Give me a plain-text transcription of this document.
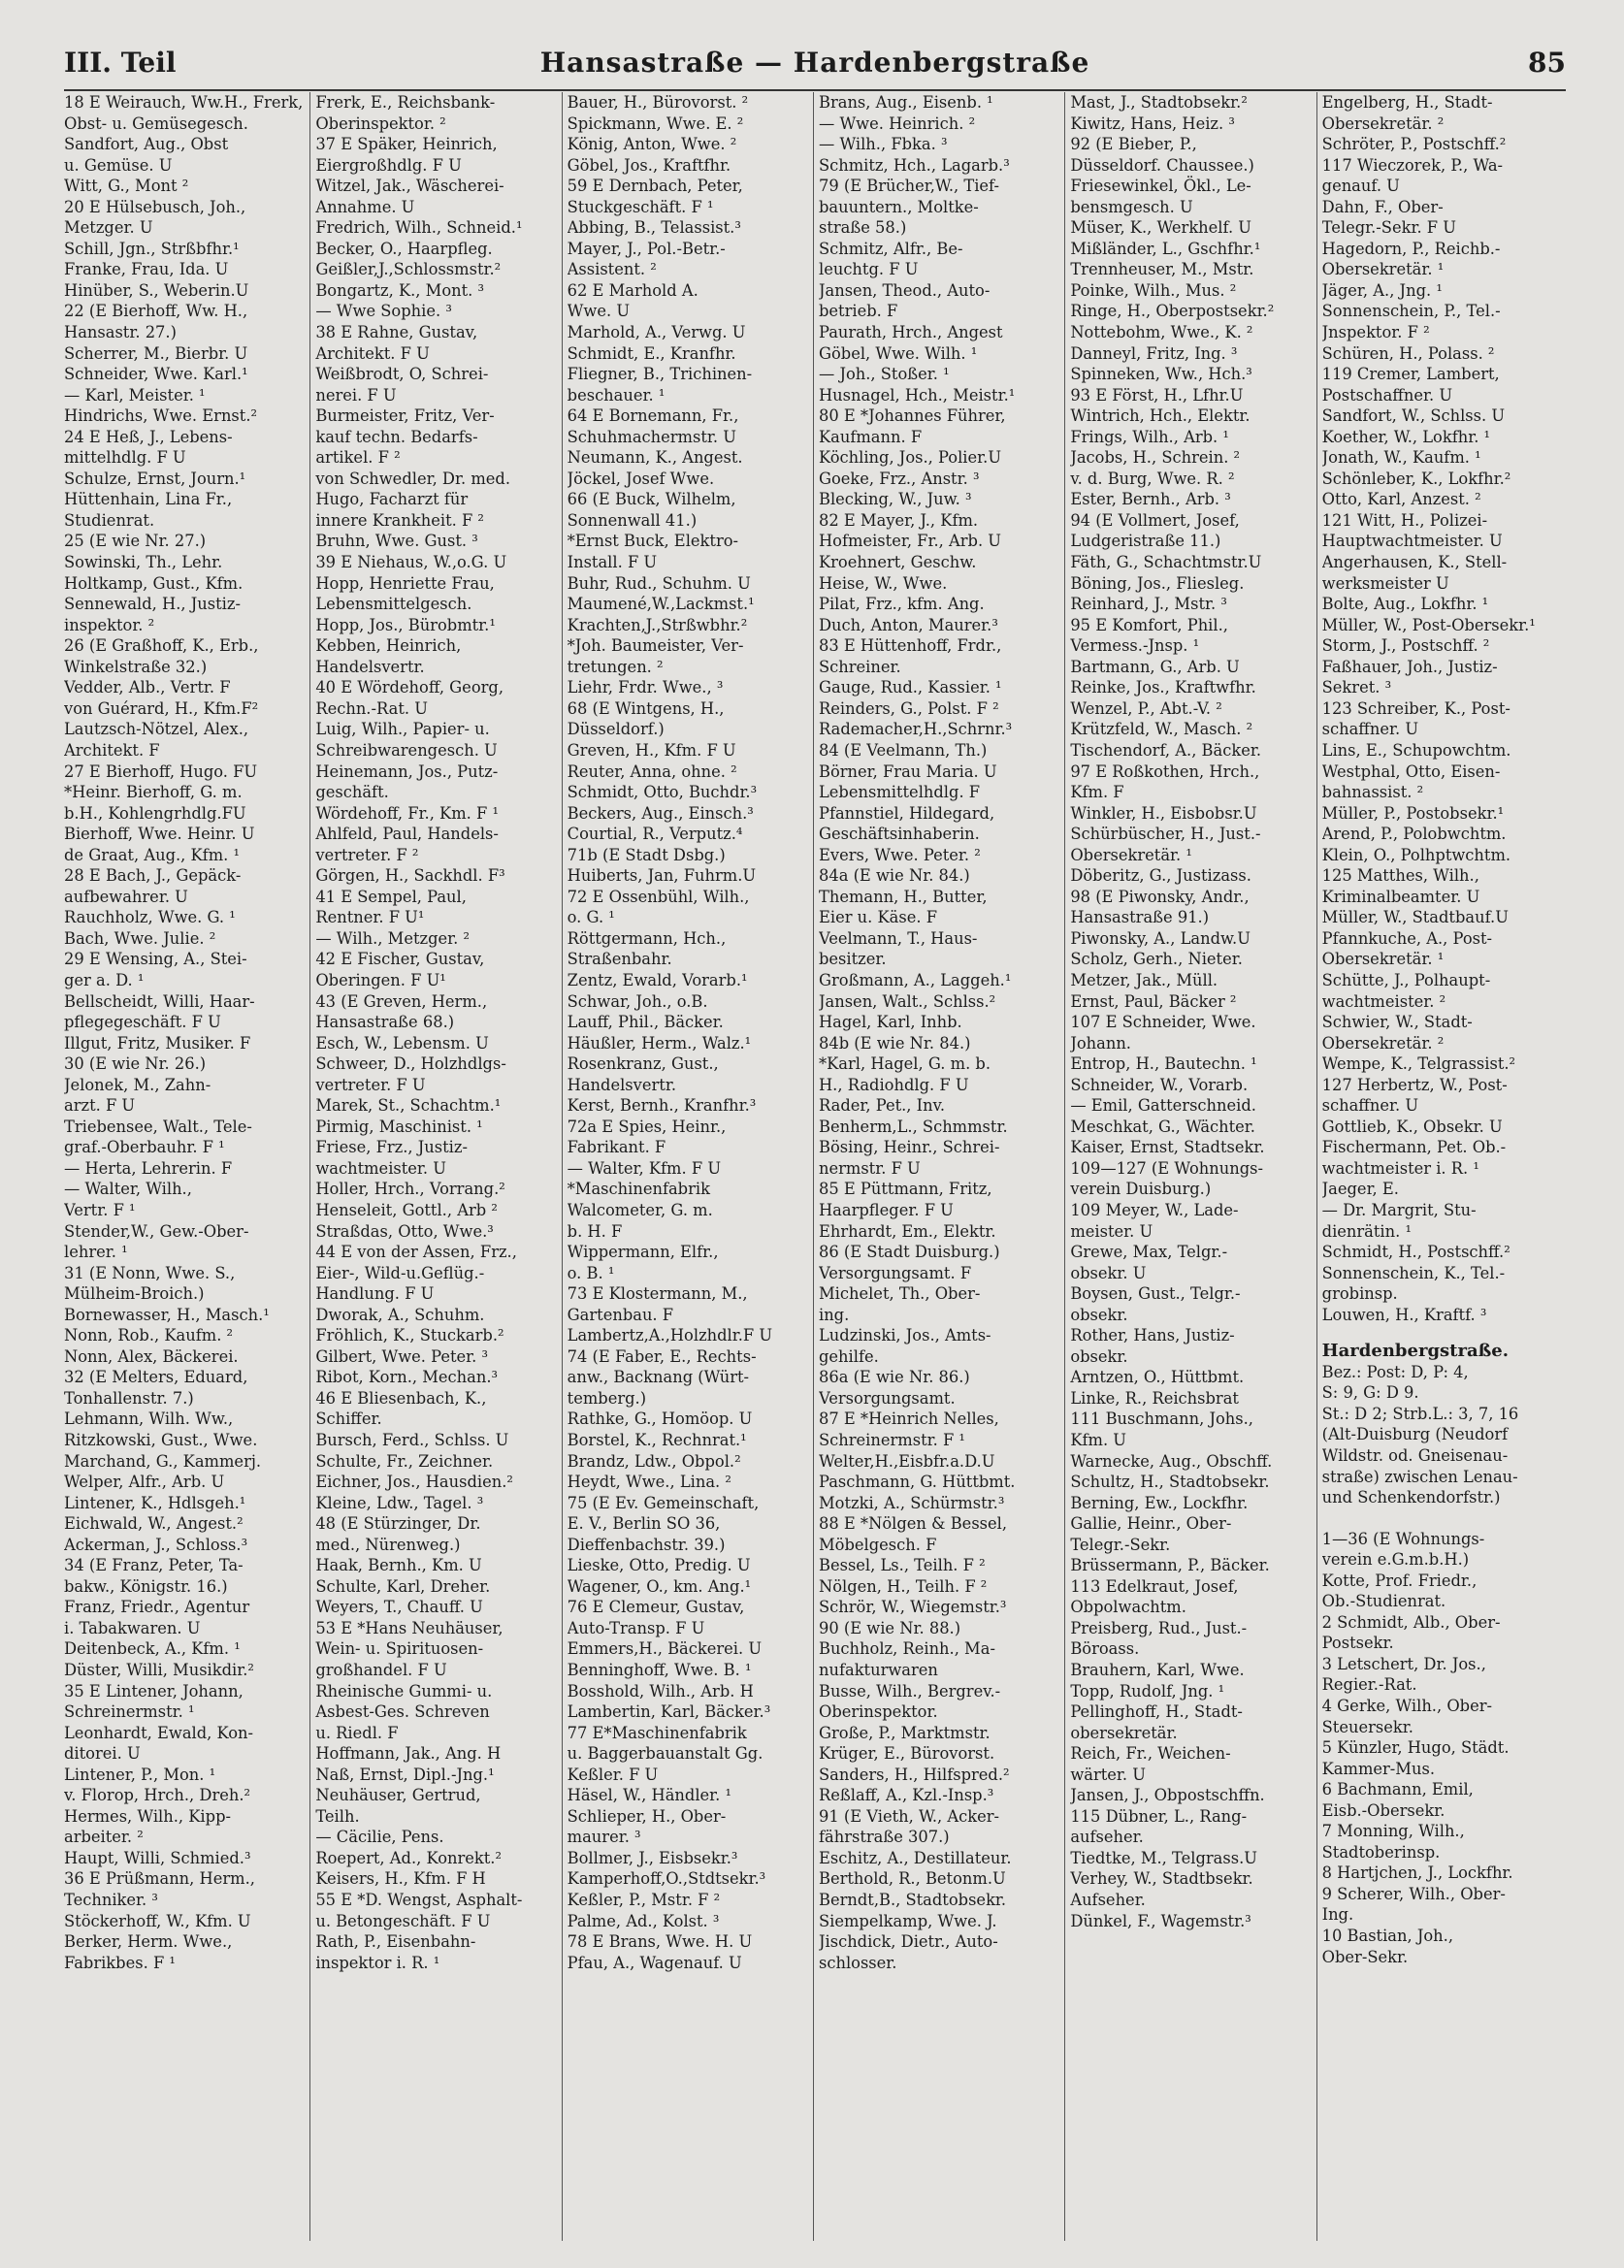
III. Teil	Hansastraße — Hardenbergstraße	85
18 E Weirauch, Ww.H., Frerk,
Obst- u. Gemüsegesch.
Sandfort, Aug., Obst
u. Gemüse. U
Witt, G., Mont ²
20 E Hülsebusch, Joh.,
Metzger. U
Schill, Jgn., Strßbfhr.¹
Franke, Frau, Ida. U
Hinüber, S., Weberin.U
22 (E Bierhoff, Ww. H.,
Hansastr. 27.)
Scherrer, M., Bierbr. U
Schneider, Wwe. Karl.¹
— Karl, Meister. ¹
Hindrichs, Wwe. Ernst.²
24 E Heß, J., Lebens-
mittelhdlg. F U
Schulze, Ernst, Journ.¹
Hüttenhain, Lina Fr.,
Studienrat.
25 (E wie Nr. 27.)
Sowinski, Th., Lehr.
Holtkamp, Gust., Kfm.
Sennewald, H., Justiz-
inspektor. ²
26 (E Graßhoff, K., Erb.,
Winkelstraße 32.)
Vedder, Alb., Vertr. F
von Guérard, H., Kfm.F²
Lautzsch-Nötzel, Alex.,
Architekt. F
27 E Bierhoff, Hugo. FU
*Heinr. Bierhoff, G. m.
b.H., Kohlengrhdlg.FU
Bierhoff, Wwe. Heinr. U
de Graat, Aug., Kfm. ¹
28 E Bach, J., Gepäck-
aufbewahrer. U
Rauchholz, Wwe. G. ¹
Bach, Wwe. Julie. ²
29 E Wensing, A., Stei-
ger a. D. ¹
Bellscheidt, Willi, Haar-
pflegegeschäft. F U
Illgut, Fritz, Musiker. F
30 (E wie Nr. 26.)
Jelonek, M., Zahn-
arzt. F U
Triebensee, Walt., Tele-
graf.-Oberbauhr. F ¹
— Herta, Lehrerin. F
— Walter, Wilh.,
Vertr. F ¹
Stender,W., Gew.-Ober-
lehrer. ¹
31 (E Nonn, Wwe. S.,
Mülheim-Broich.)
Bornewasser, H., Masch.¹
Nonn, Rob., Kaufm. ²
Nonn, Alex, Bäckerei.
32 (E Melters, Eduard,
Tonhallenstr. 7.)
Lehmann, Wilh. Ww.,
Ritzkowski, Gust., Wwe.
Marchand, G., Kammerj.
Welper, Alfr., Arb. U
Lintener, K., Hdlsgeh.¹
Eichwald, W., Angest.²
Ackerman, J., Schloss.³
34 (E Franz, Peter, Ta-
bakw., Königstr. 16.)
Franz, Friedr., Agentur
i. Tabakwaren. U
Deitenbeck, A., Kfm. ¹
Düster, Willi, Musikdir.²
35 E Lintener, Johann,
Schreinermstr. ¹
Leonhardt, Ewald, Kon-
ditorei. U
Lintener, P., Mon. ¹
v. Florop, Hrch., Dreh.²
Hermes, Wilh., Kipp-
arbeiter. ²
Haupt, Willi, Schmied.³
36 E Prüßmann, Herm.,
Techniker. ³
Stöckerhoff, W., Kfm. U
Berker, Herm. Wwe.,
Fabrikbes. F ¹
Frerk, E., Reichsbank-
Oberinspektor. ²
37 E Späker, Heinrich,
Eiergroßhdlg. F U
Witzel, Jak., Wäscherei-
Annahme. U
Fredrich, Wilh., Schneid.¹
Becker, O., Haarpfleg.
Geißler,J.,Schlossmstr.²
Bongartz, K., Mont. ³
— Wwe Sophie. ³
38 E Rahne, Gustav,
Architekt. F U
Weißbrodt, O, Schrei-
nerei. F U
Burmeister, Fritz, Ver-
kauf techn. Bedarfs-
artikel. F ²
von Schwedler, Dr. med.
Hugo, Facharzt für
innere Krankheit. F ²
Bruhn, Wwe. Gust. ³
39 E Niehaus, W.,o.G. U
Hopp, Henriette Frau,
Lebensmittelgesch.
Hopp, Jos., Bürobmtr.¹
Kebben, Heinrich,
Handelsvertr.
40 E Wördehoff, Georg,
Rechn.-Rat. U
Luig, Wilh., Papier- u.
Schreibwarengesch. U
Heinemann, Jos., Putz-
geschäft.
Wördehoff, Fr., Km. F ¹
Ahlfeld, Paul, Handels-
vertreter. F ²
Görgen, H., Sackhdl. F³
41 E Sempel, Paul,
Rentner. F U¹
— Wilh., Metzger. ²
42 E Fischer, Gustav,
Oberingen. F U¹
43 (E Greven, Herm.,
Hansastraße 68.)
Esch, W., Lebensm. U
Schweer, D., Holzhdlgs-
vertreter. F U
Marek, St., Schachtm.¹
Pirmig, Maschinist. ¹
Friese, Frz., Justiz-
wachtmeister. U
Holler, Hrch., Vorrang.²
Henseleit, Gottl., Arb ²
Straßdas, Otto, Wwe.³
44 E von der Assen, Frz.,
Eier-, Wild-u.Geflüg.-
Handlung. F U
Dworak, A., Schuhm.
Fröhlich, K., Stuckarb.²
Gilbert, Wwe. Peter. ³
Ribot, Korn., Mechan.³
46 E Bliesenbach, K.,
Schiffer.
Bursch, Ferd., Schlss. U
Schulte, Fr., Zeichner.
Eichner, Jos., Hausdien.²
Kleine, Ldw., Tagel. ³
48 (E Stürzinger, Dr.
med., Nürenweg.)
Haak, Bernh., Km. U
Schulte, Karl, Dreher.
Weyers, T., Chauff. U
53 E *Hans Neuhäuser,
Wein- u. Spirituosen-
großhandel. F U
Rheinische Gummi- u.
Asbest-Ges. Schreven
u. Riedl. F
Hoffmann, Jak., Ang. H
Naß, Ernst, Dipl.-Jng.¹
Neuhäuser, Gertrud,
Teilh.
— Cäcilie, Pens.
Roepert, Ad., Konrekt.²
Keisers, H., Kfm. F H
55 E *D. Wengst, Asphalt-
u. Betongeschäft. F U
Rath, P., Eisenbahn-
inspektor i. R. ¹
Bauer, H., Bürovorst. ²
Spickmann, Wwe. E. ²
König, Anton, Wwe. ²
Göbel, Jos., Kraftfhr.
59 E Dernbach, Peter,
Stuckgeschäft. F ¹
Abbing, B., Telassist.³
Mayer, J., Pol.-Betr.-
Assistent. ²
62 E Marhold A.
Wwe. U
Marhold, A., Verwg. U
Schmidt, E., Kranfhr.
Fliegner, B., Trichinen-
beschauer. ¹
64 E Bornemann, Fr.,
Schuhmachermstr. U
Neumann, K., Angest.
Jöckel, Josef Wwe.
66 (E Buck, Wilhelm,
Sonnenwall 41.)
*Ernst Buck, Elektro-
Install. F U
Buhr, Rud., Schuhm. U
Maumené,W.,Lackmst.¹
Krachten,J.,Strßwbhr.²
*Joh. Baumeister, Ver-
tretungen. ²
Liehr, Frdr. Wwe., ³
68 (E Wintgens, H.,
Düsseldorf.)
Greven, H., Kfm. F U
Reuter, Anna, ohne. ²
Schmidt, Otto, Buchdr.³
Beckers, Aug., Einsch.³
Courtial, R., Verputz.⁴
71b (E Stadt Dsbg.)
Huiberts, Jan, Fuhrm.U
72 E Ossenbühl, Wilh.,
o. G. ¹
Röttgermann, Hch.,
Straßenbahr.
Zentz, Ewald, Vorarb.¹
Schwar, Joh., o.B.
Lauff, Phil., Bäcker.
Häußler, Herm., Walz.¹
Rosenkranz, Gust.,
Handelsvertr.
Kerst, Bernh., Kranfhr.³
72a E Spies, Heinr.,
Fabrikant. F
— Walter, Kfm. F U
*Maschinenfabrik
Walcometer, G. m.
b. H. F
Wippermann, Elfr.,
o. B. ¹
73 E Klostermann, M.,
Gartenbau. F
Lambertz,A.,Holzhdlr.F U
74 (E Faber, E., Rechts-
anw., Backnang (Würt-
temberg.)
Rathke, G., Homöop. U
Borstel, K., Rechnrat.¹
Brandz, Ldw., Obpol.²
Heydt, Wwe., Lina. ²
75 (E Ev. Gemeinschaft,
E. V., Berlin SO 36,
Dieffenbachstr. 39.)
Lieske, Otto, Predig. U
Wagener, O., km. Ang.¹
76 E Clemeur, Gustav,
Auto-Transp. F U
Emmers,H., Bäckerei. U
Benninghoff, Wwe. B. ¹
Bosshold, Wilh., Arb. H
Lambertin, Karl, Bäcker.³
77 E*Maschinenfabrik
u. Baggerbauanstalt Gg.
Keßler. F U
Häsel, W., Händler. ¹
Schlieper, H., Ober-
maurer. ³
Bollmer, J., Eisbsekr.³
Kamperhoff,O.,Stdtsekr.³
Keßler, P., Mstr. F ²
Palme, Ad., Kolst. ³
78 E Brans, Wwe. H. U
Pfau, A., Wagenauf. U
Brans, Aug., Eisenb. ¹
— Wwe. Heinrich. ²
— Wilh., Fbka. ³
Schmitz, Hch., Lagarb.³
79 (E Brücher,W., Tief-
bauuntern., Moltke-
straße 58.)
Schmitz, Alfr., Be-
leuchtg. F U
Jansen, Theod., Auto-
betrieb. F
Paurath, Hrch., Angest
Göbel, Wwe. Wilh. ¹
— Joh., Stoßer. ¹
Husnagel, Hch., Meistr.¹
80 E *Johannes Führer,
Kaufmann. F
Köchling, Jos., Polier.U
Goeke, Frz., Anstr. ³
Blecking, W., Juw. ³
82 E Mayer, J., Kfm.
Hofmeister, Fr., Arb. U
Kroehnert, Geschw.
Heise, W., Wwe.
Pilat, Frz., kfm. Ang.
Duch, Anton, Maurer.³
83 E Hüttenhoff, Frdr.,
Schreiner.
Gauge, Rud., Kassier. ¹
Reinders, G., Polst. F ²
Rademacher,H.,Schrnr.³
84 (E Veelmann, Th.)
Börner, Frau Maria. U
Lebensmittelhdlg. F
Pfannstiel, Hildegard,
Geschäftsinhaberin.
Evers, Wwe. Peter. ²
84a (E wie Nr. 84.)
Themann, H., Butter,
Eier u. Käse. F
Veelmann, T., Haus-
besitzer.
Großmann, A., Laggeh.¹
Jansen, Walt., Schlss.²
Hagel, Karl, Inhb.
84b (E wie Nr. 84.)
*Karl, Hagel, G. m. b.
H., Radiohdlg. F U
Rader, Pet., Inv.
Benherm,L., Schmmstr.
Bösing, Heinr., Schrei-
nermstr. F U
85 E Püttmann, Fritz,
Haarpfleger. F U
Ehrhardt, Em., Elektr.
86 (E Stadt Duisburg.)
Versorgungsamt. F
Michelet, Th., Ober-
ing.
Ludzinski, Jos., Amts-
gehilfe.
86a (E wie Nr. 86.)
Versorgungsamt.
87 E *Heinrich Nelles,
Schreinermstr. F ¹
Welter,H.,Eisbfr.a.D.U
Paschmann, G. Hüttbmt.
Motzki, A., Schürmstr.³
88 E *Nölgen & Bessel,
Möbelgesch. F
Bessel, Ls., Teilh. F ²
Nölgen, H., Teilh. F ²
Schrör, W., Wiegemstr.³
90 (E wie Nr. 88.)
Buchholz, Reinh., Ma-
nufakturwaren
Busse, Wilh., Bergrev.-
Oberinspektor.
Große, P., Marktmstr.
Krüger, E., Bürovorst.
Sanders, H., Hilfspred.²
Reßlaff, A., Kzl.-Insp.³
91 (E Vieth, W., Acker-
fährstraße 307.)
Eschitz, A., Destillateur.
Berthold, R., Betonm.U
Berndt,B., Stadtobsekr.
Siempelkamp, Wwe. J.
Jischdick, Dietr., Auto-
schlosser.
Mast, J., Stadtobsekr.²
Kiwitz, Hans, Heiz. ³
92 (E Bieber, P.,
Düsseldorf. Chaussee.)
Friesewinkel, Ökl., Le-
bensmgesch. U
Müser, K., Werkhelf. U
Mißländer, L., Gschfhr.¹
Trennheuser, M., Mstr.
Poinke, Wilh., Mus. ²
Ringe, H., Oberpostsekr.²
Nottebohm, Wwe., K. ²
Danneyl, Fritz, Ing. ³
Spinneken, Ww., Hch.³
93 E Först, H., Lfhr.U
Wintrich, Hch., Elektr.
Frings, Wilh., Arb. ¹
Jacobs, H., Schrein. ²
v. d. Burg, Wwe. R. ²
Ester, Bernh., Arb. ³
94 (E Vollmert, Josef,
Ludgeristraße 11.)
Fäth, G., Schachtmstr.U
Böning, Jos., Fliesleg.
Reinhard, J., Mstr. ³
95 E Komfort, Phil.,
Vermess.-Jnsp. ¹
Bartmann, G., Arb. U
Reinke, Jos., Kraftwfhr.
Wenzel, P., Abt.-V. ²
Krützfeld, W., Masch. ²
Tischendorf, A., Bäcker.
97 E Roßkothen, Hrch.,
Kfm. F
Winkler, H., Eisbobsr.U
Schürbüscher, H., Just.-
Obersekretär. ¹
Döberitz, G., Justizass.
98 (E Piwonsky, Andr.,
Hansastraße 91.)
Piwonsky, A., Landw.U
Scholz, Gerh., Nieter.
Metzer, Jak., Müll.
Ernst, Paul, Bäcker ²
107 E Schneider, Wwe.
Johann.
Entrop, H., Bautechn. ¹
Schneider, W., Vorarb.
— Emil, Gatterschneid.
Meschkat, G., Wächter.
Kaiser, Ernst, Stadtsekr.
109—127 (E Wohnungs-
verein Duisburg.)
109 Meyer, W., Lade-
meister. U
Grewe, Max, Telgr.-
obsekr. U
Boysen, Gust., Telgr.-
obsekr.
Rother, Hans, Justiz-
obsekr.
Arntzen, O., Hüttbmt.
Linke, R., Reichsbrat
111 Buschmann, Johs.,
Kfm. U
Warnecke, Aug., Obschff.
Schultz, H., Stadtobsekr.
Berning, Ew., Lockfhr.
Gallie, Heinr., Ober-
Telegr.-Sekr.
Brüssermann, P., Bäcker.
113 Edelkraut, Josef,
Obpolwachtm.
Preisberg, Rud., Just.-
Böroass.
Brauhern, Karl, Wwe.
Topp, Rudolf, Jng. ¹
Pellinghoff, H., Stadt-
obersekretär.
Reich, Fr., Weichen-
wärter. U
Jansen, J., Obpostschffn.
115 Dübner, L., Rang-
aufseher.
Tiedtke, M., Telgrass.U
Verhey, W., Stadtbsekr.
Aufseher.
Dünkel, F., Wagemstr.³
Engelberg, H., Stadt-
Obersekretär. ²
Schröter, P., Postschff.²
117 Wieczorek, P., Wa-
genauf. U
Dahn, F., Ober-
Telegr.-Sekr. F U
Hagedorn, P., Reichb.-
Obersekretär. ¹
Jäger, A., Jng. ¹
Sonnenschein, P., Tel.-
Jnspektor. F ²
Schüren, H., Polass. ²
119 Cremer, Lambert,
Postschaffner. U
Sandfort, W., Schlss. U
Koether, W., Lokfhr. ¹
Jonath, W., Kaufm. ¹
Schönleber, K., Lokfhr.²
Otto, Karl, Anzest. ²
121 Witt, H., Polizei-
Hauptwachtmeister. U
Angerhausen, K., Stell-
werksmeister U
Bolte, Aug., Lokfhr. ¹
Müller, W., Post-Obersekr.¹
Storm, J., Postschff. ²
Faßhauer, Joh., Justiz-
Sekret. ³
123 Schreiber, K., Post-
schaffner. U
Lins, E., Schupowchtm.
Westphal, Otto, Eisen-
bahnassist. ²
Müller, P., Postobsekr.¹
Arend, P., Polobwchtm.
Klein, O., Polhptwchtm.
125 Matthes, Wilh.,
Kriminalbeamter. U
Müller, W., Stadtbauf.U
Pfannkuche, A., Post-
Obersekretär. ¹
Schütte, J., Polhaupt-
wachtmeister. ²
Schwier, W., Stadt-
Obersekretär. ²
Wempe, K., Telgrassist.²
127 Herbertz, W., Post-
schaffner. U
Gottlieb, K., Obsekr. U
Fischermann, Pet. Ob.-
wachtmeister i. R. ¹
Jaeger, E.
— Dr. Margrit, Stu-
dienrätin. ¹
Schmidt, H., Postschff.²
Sonnenschein, K., Tel.-
grobinsp.
Louwen, H., Kraftf. ³
Hardenbergstraße.
Bez.: Post: D, P: 4,
S: 9, G: D 9.
St.: D 2; Strb.L.: 3, 7, 16
(Alt-Duisburg (Neudorf
Wildstr. od. Gneisenau-
straße) zwischen Lenau-
und Schenkendorfstr.)
1—36 (E Wohnungs-
verein e.G.m.b.H.)
Kotte, Prof. Friedr.,
Ob.-Studienrat.
2 Schmidt, Alb., Ober-
Postsekr.
3 Letschert, Dr. Jos.,
Regier.-Rat.
4 Gerke, Wilh., Ober-
Steuersekr.
5 Künzler, Hugo, Städt.
Kammer-Mus.
6 Bachmann, Emil,
Eisb.-Obersekr.
7 Monning, Wilh.,
Stadtoberinsp.
8 Hartjchen, J., Lockfhr.
9 Scherer, Wilh., Ober-
Ing.
10 Bastian, Joh.,
Ober-Sekr.
